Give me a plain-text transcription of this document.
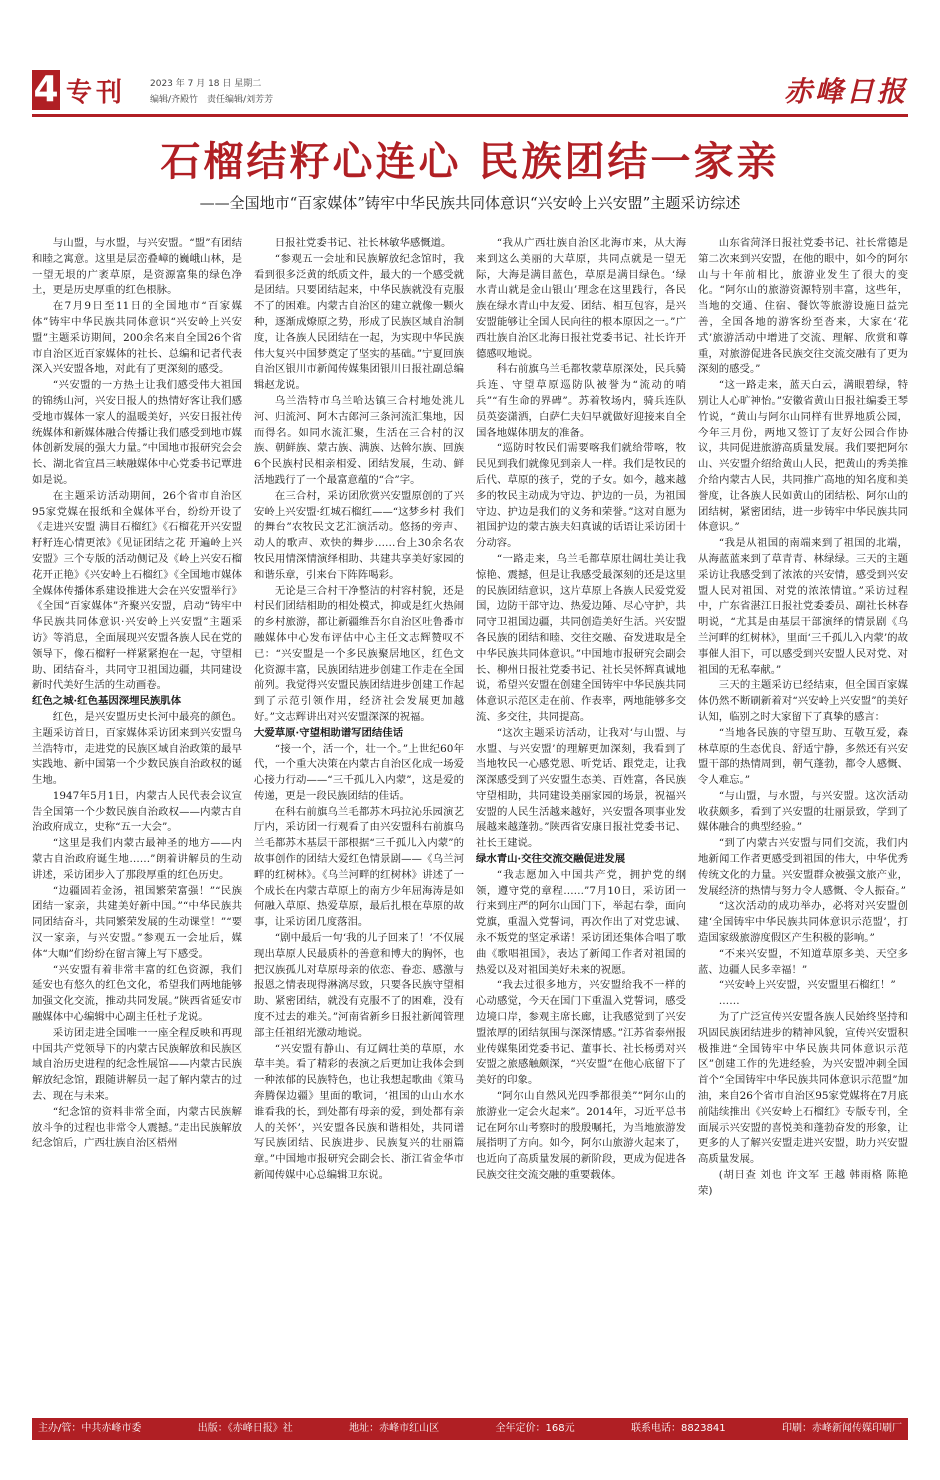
4 专刊	2023 年 7 月 18 日 星期二
编辑/齐殿竹　责任编辑/刘芳芳	赤峰日报
石榴结籽心连心 民族团结一家亲
——全国地市“百家媒体”铸牢中华民族共同体意识“兴安岭上兴安盟”主题采访综述

与山盟，与水盟，与兴安盟。“盟”有团结和睦之寓意。这里是层峦叠嶂的巍峨山林，是一望无垠的广袤草原，是资源富集的绿色净土，更是历史厚重的红色根脉。

在7月9日至11日的全国地市“百家媒体”铸牢中华民族共同体意识“兴安岭上兴安盟”主题采访期间，200余名来自全国26个省市自治区近百家媒体的社长、总编和记者代表深入兴安盟各地，对此有了更深刻的感受。

“兴安盟的一方热土让我们感受伟大祖国的锦绣山河，兴安日报人的热情好客让我们感受地市媒体一家人的温暖美好，兴安日报社传统媒体和新媒体融合传播让我们感受到地市媒体创新发展的强大力量。”中国地市报研究会会长、湖北省宜昌三峡融媒体中心党委书记覃进如是说。

在主题采访活动期间，26个省市自治区95家党媒在报纸和全媒体平台，纷纷开设了《走进兴安盟 满目石榴红》《石榴花开兴安盟 籽籽连心情更浓》《见证团结之花 开遍岭上兴安盟》三个专版的活动侧记及《岭上兴安石榴花开正艳》《兴安岭上石榴红》《全国地市媒体全媒体传播体系建设推进大会在兴安盟举行》《全国“百家媒体”齐聚兴安盟，启动“铸牢中华民族共同体意识·兴安岭上兴安盟”主题采访》等消息，全面展现兴安盟各族人民在党的领导下，像石榴籽一样紧紧抱在一起，守望相助、团结奋斗，共同守卫祖国边疆，共同建设新时代美好生活的生动画卷。

红色之城·红色基因深埋民族肌体

红色，是兴安盟历史长河中最亮的颜色。主题采访首日，百家媒体采访团来到兴安盟乌兰浩特市，走进党的民族区域自治政策的最早实践地、新中国第一个少数民族自治政权的诞生地。

1947年5月1日，内蒙古人民代表会议宣告全国第一个少数民族自治政权——内蒙古自治政府成立，史称“五一大会”。

“这里是我们内蒙古最神圣的地方——内蒙古自治政府诞生地……”朗着讲解员的生动讲述，采访团步入了那段厚重的红色历史。

“边疆固若金汤，祖国繁荣富强！”“民族团结一家亲，共建美好新中国。”“中华民族共同团结奋斗，共同繁荣发展的生动课堂！”“要汉一家亲，与兴安盟。”参观五一会址后，媒体“大咖”们纷纷在留言簿上写下感受。

“兴安盟有着非常丰富的红色资源，我们延安也有悠久的红色文化，希望我们两地能够加强文化交流，推动共同发展。”陕西省延安市融媒体中心编辑中心副主任杜子龙说。

采访团走进全国唯一一座全程反映和再现中国共产党领导下的内蒙古民族解放和民族区域自治历史进程的纪念性展馆——内蒙古民族解放纪念馆，跟随讲解员一起了解内蒙古的过去、现在与未来。

“纪念馆的资料非常全面，内蒙古民族解放斗争的过程也非常令人震撼。”走出民族解放纪念馆后，广西壮族自治区梧州

日报社党委书记、社长林敏华感慨道。

“参观五一会址和民族解放纪念馆时，我看到很多泛黄的纸质文件，最大的一个感受就是团结。只要团结起来，中华民族就没有克服不了的困难。内蒙古自治区的建立就像一颗火种，逐渐成燎原之势，形成了民族区域自治制度，让各族人民团结在一起，为实现中华民族伟大复兴中国梦奠定了坚实的基础。”宁夏回族自治区银川市新闻传媒集团银川日报社副总编辑赵龙说。

乌兰浩特市乌兰哈达镇三合村地处洮儿河、归流河、阿木古郎河三条河流汇集地，因而得名。如同水流汇聚，生活在三合村的汉族、朝鲜族、蒙古族、满族、达斡尔族、回族6个民族村民相亲相爱、团结发展，生动、鲜活地践行了一个最富意蕴的“合”字。

在三合村，采访团欣赏兴安盟原创的了兴安岭上兴安盟·红城石榴红——“这梦乡村 我们的舞台”农牧民文艺汇演活动。悠扬的旁声、动人的歌声、欢快的舞步……台上30余名农牧民用情深情演绎相助、共建共享美好家园的和谐乐章，引来台下阵阵喝彩。

无论是三合村干净整洁的村容村貌，还是村民们团结相助的相处模式，抑或是红火热闹的乡村旅游，都让新疆维吾尔自治区吐鲁番市融媒体中心发布评估中心主任文志辉赞叹不已：“兴安盟是一个多民族聚居地区，红色文化资源丰富，民族团结进步创建工作走在全国前列。我觉得兴安盟民族团结进步创建工作起到了示范引领作用，经济社会发展更加越好。”文志辉讲出对兴安盟深深的祝福。

大爱草原·守望相助谱写团结佳话

“接一个，活一个，壮一个。”上世纪60年代，一个重大决策在内蒙古自治区化成一场爱心接力行动——“三千孤儿入内蒙”，这是爱的传递，更是一段民族团结的佳话。

在科右前旗乌兰毛都苏木玛拉沁乐园演艺厅内，采访团一行观看了由兴安盟科右前旗乌兰毛都苏木基层干部根据“三千孤儿入内蒙”的故事创作的团结大爱红色情景剧——《乌兰河畔的红树林》。《乌兰河畔的红树林》讲述了一个成长在内蒙古草原上的南方少年屈海涛是如何融入草原、热爱草原，最后扎根在草原的故事，让采访团几度落泪。

“剧中最后一句‘我的儿子回来了！’不仅展现出草原人民最质朴的善意和博大的胸怀，也把汉族孤儿对草原母亲的依恋、眷恋、感激与报恩之情表现得淋漓尽致，只要各民族守望相助、紧密团结，就没有克服不了的困难，没有度不过去的难关。”河南省新乡日报社新闻管理部主任祖绍光激动地说。

“兴安盟有静山、有辽阔壮美的草原，水草丰美。看了精彩的表演之后更加让我体会到一种浓郁的民族特色，也让我想起歌曲《策马奔腾保边疆》里面的歌词，‘祖国的山山水水谁看我的长，到处都有母亲的爱，到处都有亲人的关怀’，兴安盟各民族和谐相处，共同谱写民族团结、民族进步、民族复兴的壮丽篇章。”中国地市报研究会副会长、浙江省金华市新闻传媒中心总编辑卫东说。

“我从广西壮族自治区北海市来，从大海来到这么美丽的大草原，共同点就是一望无际，大海是满目蓝色，草原是满目绿色。‘绿水青山就是金山银山’理念在这里践行，各民族在绿水青山中友爱、团结、相互包容，是兴安盟能够让全国人民向往的根本原因之一。”广西壮族自治区北海日报社党委书记、社长许开德感叹地说。

科右前旗乌兰毛都牧蒙草原深处，民兵骑兵连、守望草原巡防队被誉为“流动的哨兵”“有生命的界碑”。苏着牧场内，骑兵连队员英姿潇洒，白萨仁夫妇早就做好迎接来自全国各地媒体朋友的准备。

“巡防时牧民们需要喀我们就给带喀，牧民见到我们就像见到亲人一样。我们是牧民的后代、草原的孩子，党的子女。如今，越来越多的牧民主动成为守边、护边的一员，为祖国守边、护边是我们的义务和荣誉。”这对自愿为祖国护边的蒙古族夫妇真诚的话语让采访团十分动容。

“一路走来，乌兰毛都草原壮阔壮美让我惊艳、震撼，但是让我感受最深刻的还是这里的民族团结意识，这片草原上各族人民爱党爱国，边防干部守边、热爱边陲、尽心守护，共同守卫祖国边疆，共同创造美好生活。兴安盟各民族的团结和睦、交往交融、奋发进取是全中华民族共同体意识。”中国地市报研究会副会长、柳州日报社党委书记、社长吴怀辉真诚地说，希望兴安盟在创建全国铸牢中华民族共同体意识示范区走在前、作表率，两地能够多交流、多交往，共同提高。

“这次主题采访活动，让我对‘与山盟、与水盟、与兴安盟’的理解更加深刻，我看到了当地牧民一心感党恩、听党话、跟党走，让我深深感受到了兴安盟生态美、百姓富，各民族守望相助，共同建设美丽家园的场景，祝福兴安盟的人民生活越来越好，兴安盟各项事业发展越来越蓬勃。”陕西省安康日报社党委书记、社长王建说。

绿水青山·交往交流交融促进发展

“我志愿加入中国共产党，拥护党的纲领，遵守党的章程……”7月10日，采访团一行来到庄严的阿尔山国门下，举起右拳，面向党旗，重温入党誓词，再次作出了对党忠诚、永不叛党的坚定承诺！采访团还集体合唱了歌曲《歌唱祖国》，表达了新闻工作者对祖国的热爱以及对祖国美好未来的祝愿。

“我去过很多地方，兴安盟给我不一样的心动感觉，今天在国门下重温入党誓词，感受边境口岸，参观主席长廊，让我感觉到了兴安盟浓厚的团结氛围与深深情感。”江苏省泰州报业传媒集团党委书记、董事长、社长杨勇对兴安盟之旅感触颇深，“兴安盟”在他心底留下了美好的印象。

“阿尔山自然风光四季都很美”“阿尔山的旅游业一定会火起来”。2014年，习近平总书记在阿尔山考察时的殷殷嘱托，为当地旅游发展指明了方向。如今，阿尔山旅游火起来了，也近向了高质量发展的新阶段，更成为促进各民族交往交流交融的重要载体。

山东省菏泽日报社党委书记、社长常德是第二次来到兴安盟，在他的眼中，如今的阿尔山与十年前相比，旅游业发生了很大的变化。“阿尔山的旅游资源特别丰富，这些年，当地的交通、住宿、餐饮等旅游设施日益完善，全国各地的游客纷至沓来，大家在‘花式’旅游活动中增进了交流、理解、欣赏和尊重，对旅游促进各民族交往交流交融有了更为深刻的感受。”

“这一路走来，蓝天白云，满眼碧绿，特别让人心旷神怡。”安徽省黄山日报社编委王琴竹说，“黄山与阿尔山同样有世界地质公园，今年三月份，两地又签订了友好公园合作协议，共同促进旅游高质量发展。我们要把阿尔山、兴安盟介绍给黄山人民，把黄山的秀美推介给内蒙古人民，共同推广高地的知名度和美誉度，让各族人民如黄山的团结松、阿尔山的团结树，紧密团结，进一步铸牢中华民族共同体意识。”

“我是从祖国的南端来到了祖国的北端，从海蓝蓝来到了草青青、林绿绿。三天的主题采访让我感受到了浓浓的兴安情，感受到兴安盟人民对祖国、对党的浓浓情谊。”采访过程中，广东省湛江日报社党委委员、副社长林春明说，“尤其是由基层干部演绎的情景剧《乌兰河畔的红树林》，里面‘三千孤儿入内蒙’的故事催人泪下，可以感受到兴安盟人民对党、对祖国的无私奉献。”

三天的主题采访已经结束，但全国百家媒体仍然不断刷新着对“兴安岭上兴安盟”的美好认知，临别之时大家留下了真挚的感言：

“当地各民族的守望互助、互敬互爱，森林草原的生态优良、舒适宁静，多然还有兴安盟干部的热情周到，朝气蓬勃，都令人感慨、令人难忘。”

“与山盟，与水盟，与兴安盟。这次活动收获颇多，看到了兴安盟的壮丽景致，学到了媒体融合的典型经验。”

“到了内蒙古兴安盟与同们交流，我们内地新闻工作者更感受到祖国的伟大，中华优秀传统文化的力量。兴安盟群众被强文旅产业，发展经济的热情与努力令人感慨、令人振奋。”

“这次活动的成功举办，必将对兴安盟创建‘全国铸牢中华民族共同体意识示范盟’，打造国家级旅游度假区产生积极的影响。”

“不来兴安盟，不知道草原多美、天空多蓝、边疆人民多幸福！”

“兴安岭上兴安盟，兴安盟里石榴红！”

……

为了广泛宣传兴安盟各族人民始终坚持和巩固民族团结进步的精神风貌，宣传兴安盟积极推进“全国铸牢中华民族共同体意识示范区”创建工作的先进经验，为兴安盟冲刺全国首个“全国铸牢中华民族共同体意识示范盟”加油，来自26个省市自治区95家党媒将在7月底前陆续推出《兴安岭上石榴红》专版专刊，全面展示兴安盟的喜悦美和蓬勃奋发的形象，让更多的人了解兴安盟走进兴安盟，助力兴安盟高质量发展。

(胡日查 刘也 许文军 王越 韩雨格 陈艳荣)

主办/管：中共赤峰市委	出版：《赤峰日报》社	地址：赤峰市红山区	全年定价：168元	联系电话：8823841	印刷：赤峰新闻传媒印刷厂
